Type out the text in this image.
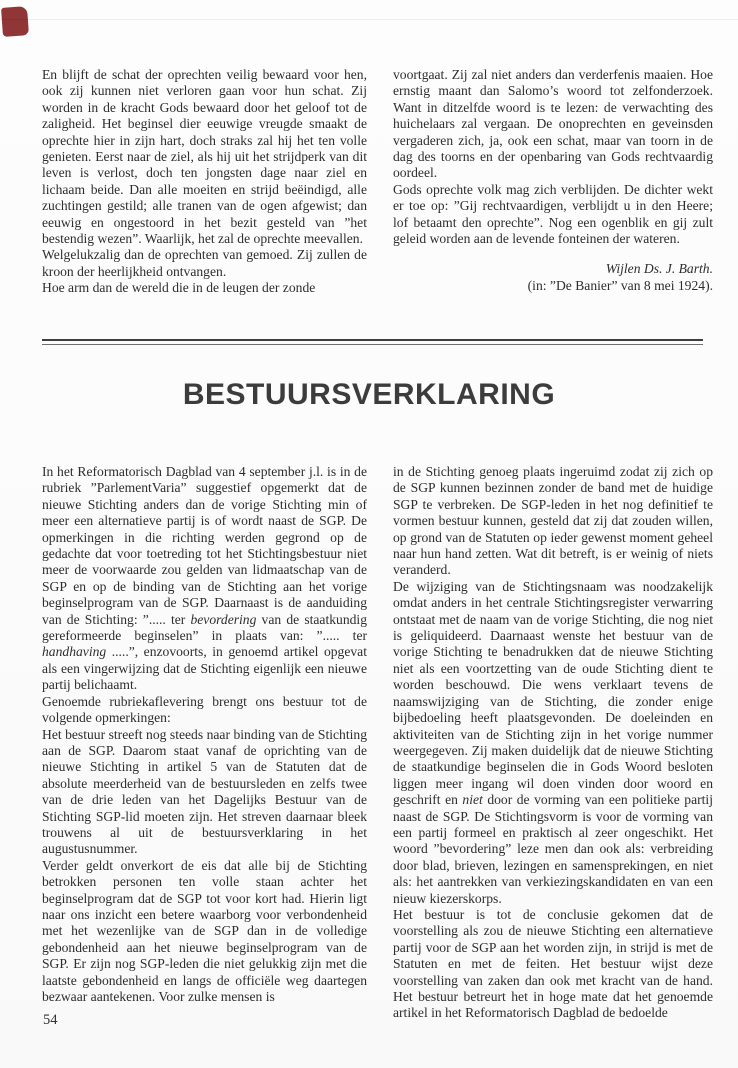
En blijft de schat der oprechten veilig bewaard voor hen, ook zij kunnen niet verloren gaan voor hun schat. Zij worden in de kracht Gods bewaard door het geloof tot de zaligheid. Het beginsel dier eeuwige vreugde smaakt de oprechte hier in zijn hart, doch straks zal hij het ten volle genieten. Eerst naar de ziel, als hij uit het strijdperk van dit leven is verlost, doch ten jongsten dage naar ziel en lichaam beide. Dan alle moeiten en strijd beëindigd, alle zuchtingen gestild; alle tranen van de ogen afgewist; dan eeuwig en ongestoord in het bezit gesteld van ”het bestendig wezen”. Waarlijk, het zal de oprechte meevallen.

Welgelukzalig dan de oprechten van gemoed. Zij zullen de kroon der heerlijkheid ontvangen.

Hoe arm dan de wereld die in de leugen der zonde

voortgaat. Zij zal niet anders dan verderfenis maaien. Hoe ernstig maant dan Salomo’s woord tot zelfonderzoek. Want in ditzelfde woord is te lezen: de verwachting des huichelaars zal vergaan. De onoprechten en geveinsden vergaderen zich, ja, ook een schat, maar van toorn in de dag des toorns en der openbaring van Gods rechtvaardig oordeel.

Gods oprechte volk mag zich verblijden. De dichter wekt er toe op: ”Gij rechtvaardigen, verblijdt u in den Heere; lof betaamt den oprechte”. Nog een ogenblik en gij zult geleid worden aan de levende fonteinen der wateren.

Wijlen Ds. J. Barth.

(in: ”De Banier” van 8 mei 1924).

BESTUURSVERKLARING

In het Reformatorisch Dagblad van 4 september j.l. is in de rubriek ”ParlementVaria” suggestief opgemerkt dat de nieuwe Stichting anders dan de vorige Stichting min of meer een alternatieve partij is of wordt naast de SGP. De opmerkingen in die richting werden gegrond op de gedachte dat voor toetreding tot het Stichtingsbestuur niet meer de voorwaarde zou gelden van lidmaatschap van de SGP en op de binding van de Stichting aan het vorige beginselprogram van de SGP. Daarnaast is de aanduiding van de Stichting: ”..... ter bevordering van de staatkundig gereformeerde beginselen” in plaats van: ”..... ter handhaving .....”, enzovoorts, in genoemd artikel opgevat als een vingerwijzing dat de Stichting eigenlijk een nieuwe partij belichaamt.

Genoemde rubriekaflevering brengt ons bestuur tot de volgende opmerkingen:

Het bestuur streeft nog steeds naar binding van de Stichting aan de SGP. Daarom staat vanaf de oprichting van de nieuwe Stichting in artikel 5 van de Statuten dat de absolute meerderheid van de bestuursleden en zelfs twee van de drie leden van het Dagelijks Bestuur van de Stichting SGP-lid moeten zijn. Het streven daarnaar bleek trouwens al uit de bestuursverklaring in het augustusnummer.

Verder geldt onverkort de eis dat alle bij de Stichting betrokken personen ten volle staan achter het beginselprogram dat de SGP tot voor kort had. Hierin ligt naar ons inzicht een betere waarborg voor verbondenheid met het wezenlijke van de SGP dan in de volledige gebondenheid aan het nieuwe beginselprogram van de SGP. Er zijn nog SGP-leden die niet gelukkig zijn met die laatste gebondenheid en langs de officiële weg daartegen bezwaar aantekenen. Voor zulke mensen is

in de Stichting genoeg plaats ingeruimd zodat zij zich op de SGP kunnen bezinnen zonder de band met de huidige SGP te verbreken. De SGP-leden in het nog definitief te vormen bestuur kunnen, gesteld dat zij dat zouden willen, op grond van de Statuten op ieder gewenst moment geheel naar hun hand zetten. Wat dit betreft, is er weinig of niets veranderd.

De wijziging van de Stichtingsnaam was noodzakelijk omdat anders in het centrale Stichtingsregister verwarring ontstaat met de naam van de vorige Stichting, die nog niet is geliquideerd. Daarnaast wenste het bestuur van de vorige Stichting te benadrukken dat de nieuwe Stichting niet als een voortzetting van de oude Stichting dient te worden beschouwd. Die wens verklaart tevens de naamswijziging van de Stichting, die zonder enige bijbedoeling heeft plaatsgevonden. De doeleinden en aktiviteiten van de Stichting zijn in het vorige nummer weergegeven. Zij maken duidelijk dat de nieuwe Stichting de staatkundige beginselen die in Gods Woord besloten liggen meer ingang wil doen vinden door woord en geschrift en niet door de vorming van een politieke partij naast de SGP. De Stichtingsvorm is voor de vorming van een partij formeel en praktisch al zeer ongeschikt. Het woord ”bevordering” leze men dan ook als: verbreiding door blad, brieven, lezingen en samensprekingen, en niet als: het aantrekken van verkiezingskandidaten en van een nieuw kiezerskorps.

Het bestuur is tot de conclusie gekomen dat de voorstelling als zou de nieuwe Stichting een alternatieve partij voor de SGP aan het worden zijn, in strijd is met de Statuten en met de feiten. Het bestuur wijst deze voorstelling van zaken dan ook met kracht van de hand. Het bestuur betreurt het in hoge mate dat het genoemde artikel in het Reformatorisch Dagblad de bedoelde

54
